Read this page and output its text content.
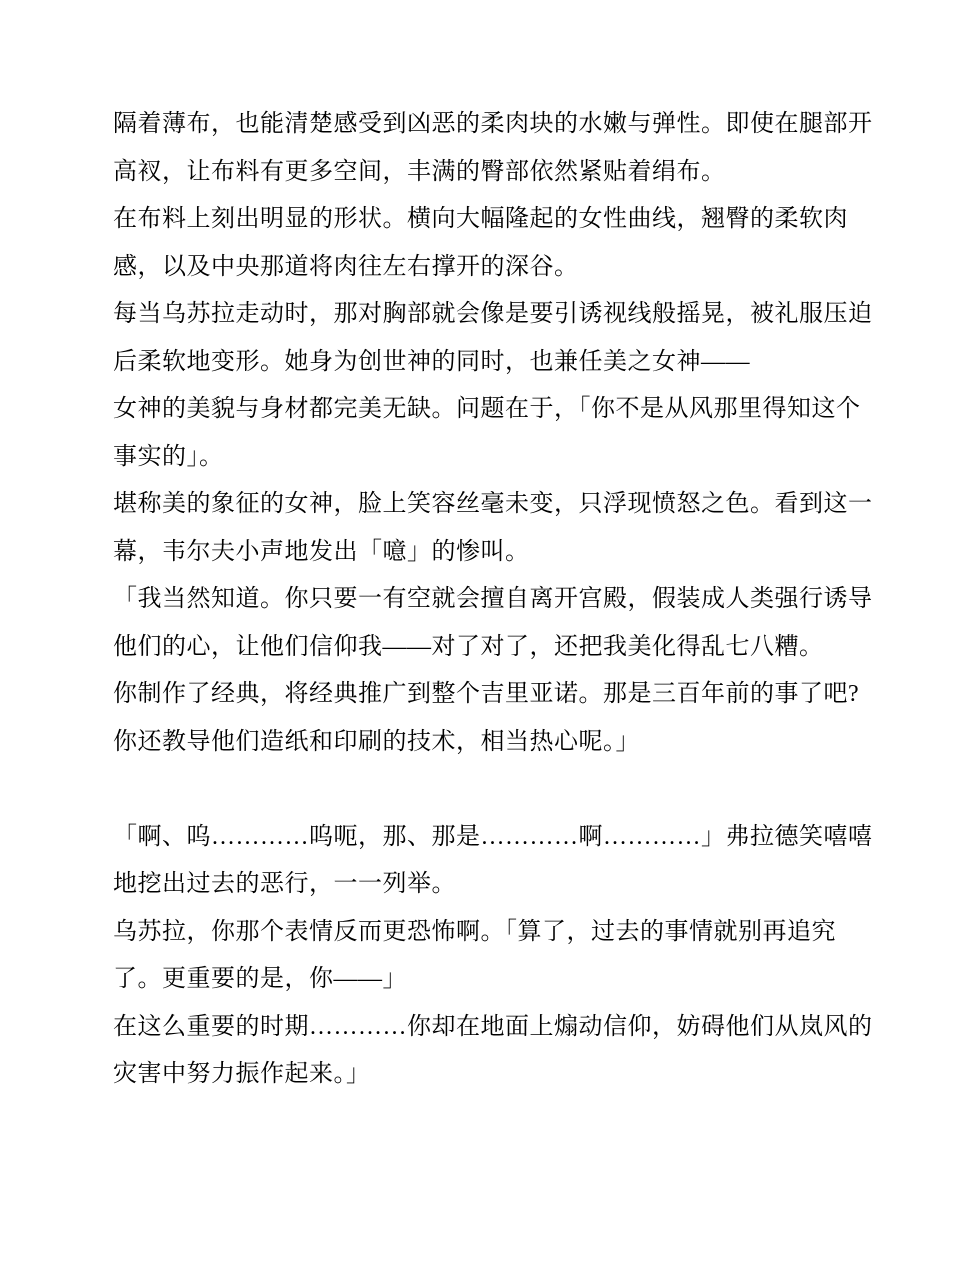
隔着薄布，也能清楚感受到凶恶的柔肉块的水嫩与弹性。即使在腿部开高衩，让布料有更多空间，丰满的臀部依然紧贴着绢布。

在布料上刻出明显的形状。横向大幅隆起的女性曲线，翘臀的柔软肉感，以及中央那道将肉往左右撑开的深谷。

每当乌苏拉走动时，那对胸部就会像是要引诱视线般摇晃，被礼服压迫后柔软地变形。她身为创世神的同时，也兼任美之女神——

女神的美貌与身材都完美无缺。问题在于，「你不是从风那里得知这个事实的」。

堪称美的象征的女神，脸上笑容丝毫未变，只浮现愤怒之色。看到这一幕，韦尔夫小声地发出「噫」的惨叫。

「我当然知道。你只要一有空就会擅自离开宫殿，假装成人类强行诱导他们的心，让他们信仰我——对了对了，还把我美化得乱七八糟。

你制作了经典，将经典推广到整个吉里亚诺。那是三百年前的事了吧?你还教导他们造纸和印刷的技术，相当热心呢。」

「啊、呜…………呜呃，那、那是…………啊…………」弗拉德笑嘻嘻地挖出过去的恶行，一一列举。

乌苏拉，你那个表情反而更恐怖啊。「算了，过去的事情就别再追究了。更重要的是，你——」

在这么重要的时期…………你却在地面上煽动信仰，妨碍他们从岚风的灾害中努力振作起来。」
